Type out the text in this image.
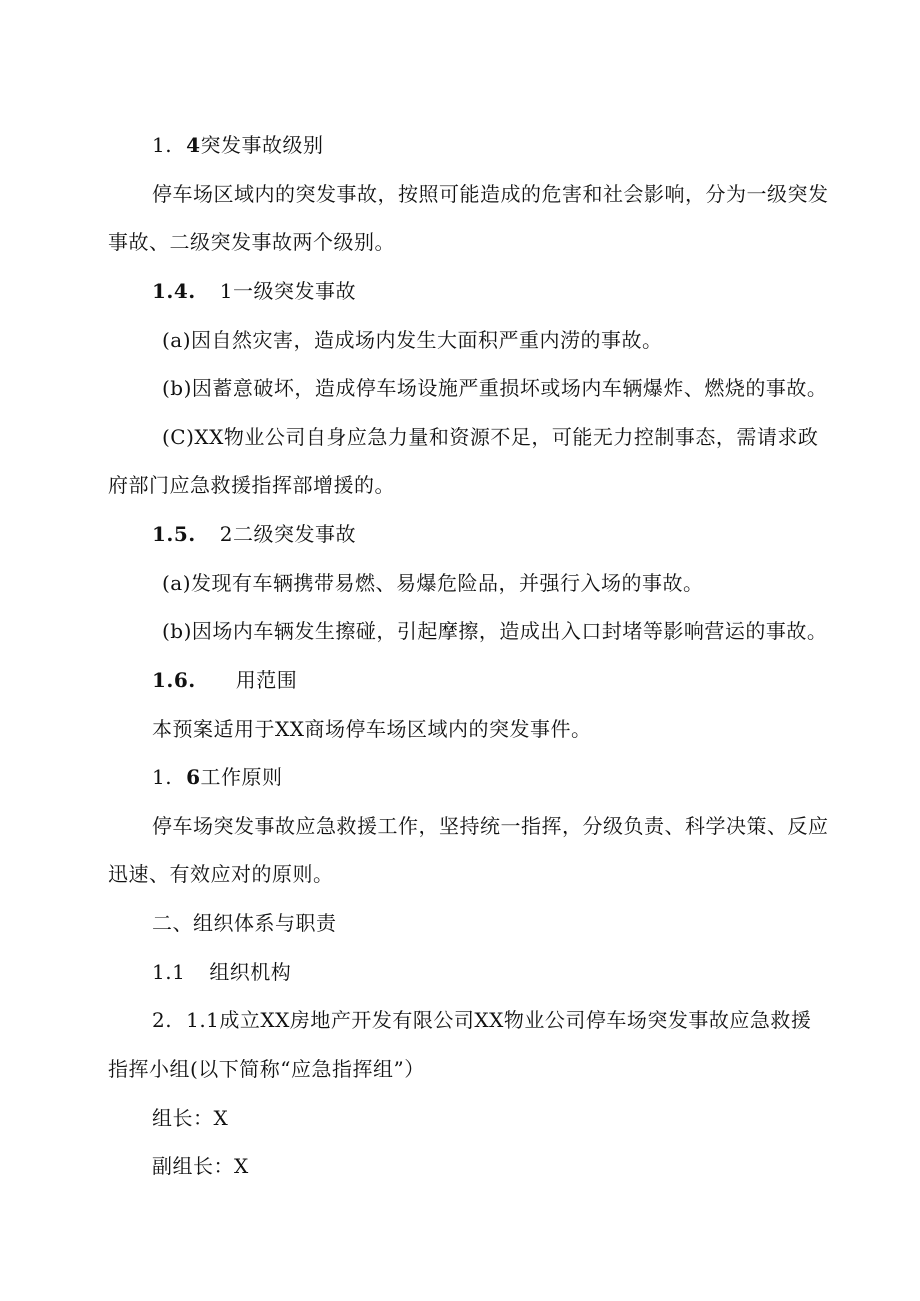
1. 4突发事故级别
停车场区域内的突发事故，按照可能造成的危害和社会影响，分为一级突发
事故、二级突发事故两个级别。
1.4. 1一级突发事故
(a)因自然灾害，造成场内发生大面积严重内涝的事故。
(b)因蓄意破坏，造成停车场设施严重损坏或场内车辆爆炸、燃烧的事故。
(C)XX物业公司自身应急力量和资源不足，可能无力控制事态，需请求政
府部门应急救援指挥部增援的。
1.5. 2二级突发事故
(a)发现有车辆携带易燃、易爆危险品，并强行入场的事故。
(b)因场内车辆发生擦碰，引起摩擦，造成出入口封堵等影响营运的事故。
1.6. 用范围
本预案适用于XX商场停车场区域内的突发事件。
1. 6工作原则
停车场突发事故应急救援工作，坚持统一指挥，分级负责、科学决策、反应
迅速、有效应对的原则。
二、组织体系与职责
1.1 组织机构
2. 1.1成立XX房地产开发有限公司XX物业公司停车场突发事故应急救援
指挥小组(以下简称“应急指挥组”）
组长：X
副组长：X
